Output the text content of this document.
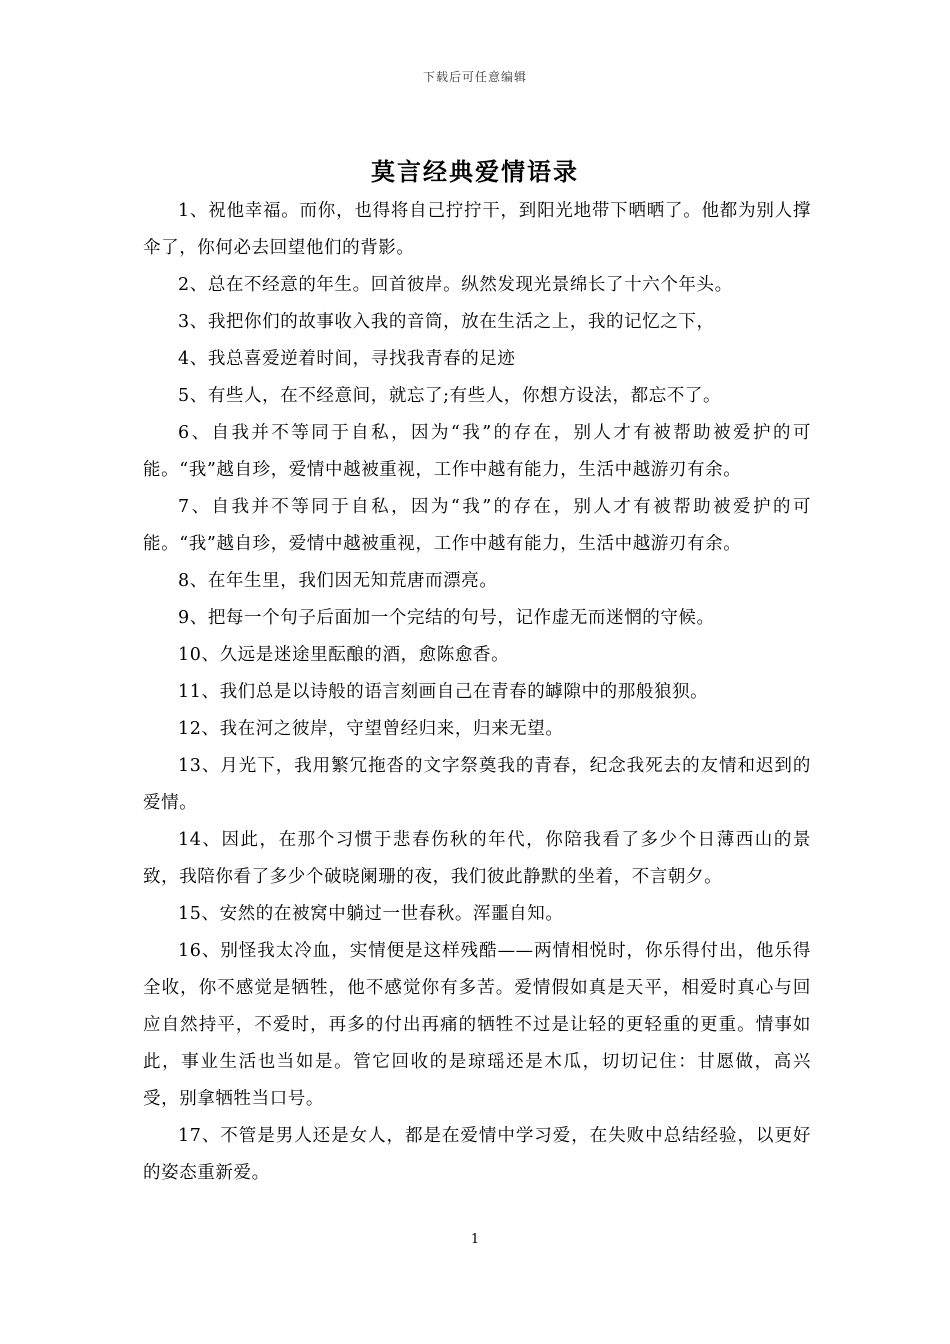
下载后可任意编辑
莫言经典爱情语录

1、祝他幸福。而你，也得将自己拧拧干，到阳光地带下晒晒了。他都为别人撑伞了，你何必去回望他们的背影。

2、总在不经意的年生。回首彼岸。纵然发现光景绵长了十六个年头。

3、我把你们的故事收入我的音筒，放在生活之上，我的记忆之下，

4、我总喜爱逆着时间，寻找我青春的足迹

5、有些人，在不经意间，就忘了;有些人，你想方设法，都忘不了。

6、自我并不等同于自私，因为“我”的存在，别人才有被帮助被爱护的可能。“我”越自珍，爱情中越被重视，工作中越有能力，生活中越游刃有余。

7、自我并不等同于自私，因为“我”的存在，别人才有被帮助被爱护的可能。“我”越自珍，爱情中越被重视，工作中越有能力，生活中越游刃有余。

8、在年生里，我们因无知荒唐而漂亮。

9、把每一个句子后面加一个完结的句号，记作虚无而迷惘的守候。

10、久远是迷途里酝酿的酒，愈陈愈香。

11、我们总是以诗般的语言刻画自己在青春的罅隙中的那般狼狈。

12、我在河之彼岸，守望曾经归来，归来无望。

13、月光下，我用繁冗拖沓的文字祭奠我的青春，纪念我死去的友情和迟到的爱情。

14、因此，在那个习惯于悲春伤秋的年代，你陪我看了多少个日薄西山的景致，我陪你看了多少个破晓阑珊的夜，我们彼此静默的坐着，不言朝夕。

15、安然的在被窝中躺过一世春秋。浑噩自知。

16、别怪我太冷血，实情便是这样残酷——两情相悦时，你乐得付出，他乐得全收，你不感觉是牺牲，他不感觉你有多苦。爱情假如真是天平，相爱时真心与回应自然持平，不爱时，再多的付出再痛的牺牲不过是让轻的更轻重的更重。情事如此，事业生活也当如是。管它回收的是琼瑶还是木瓜，切切记住：甘愿做，高兴受，别拿牺牲当口号。

17、不管是男人还是女人，都是在爱情中学习爱，在失败中总结经验，以更好的姿态重新爱。

1
